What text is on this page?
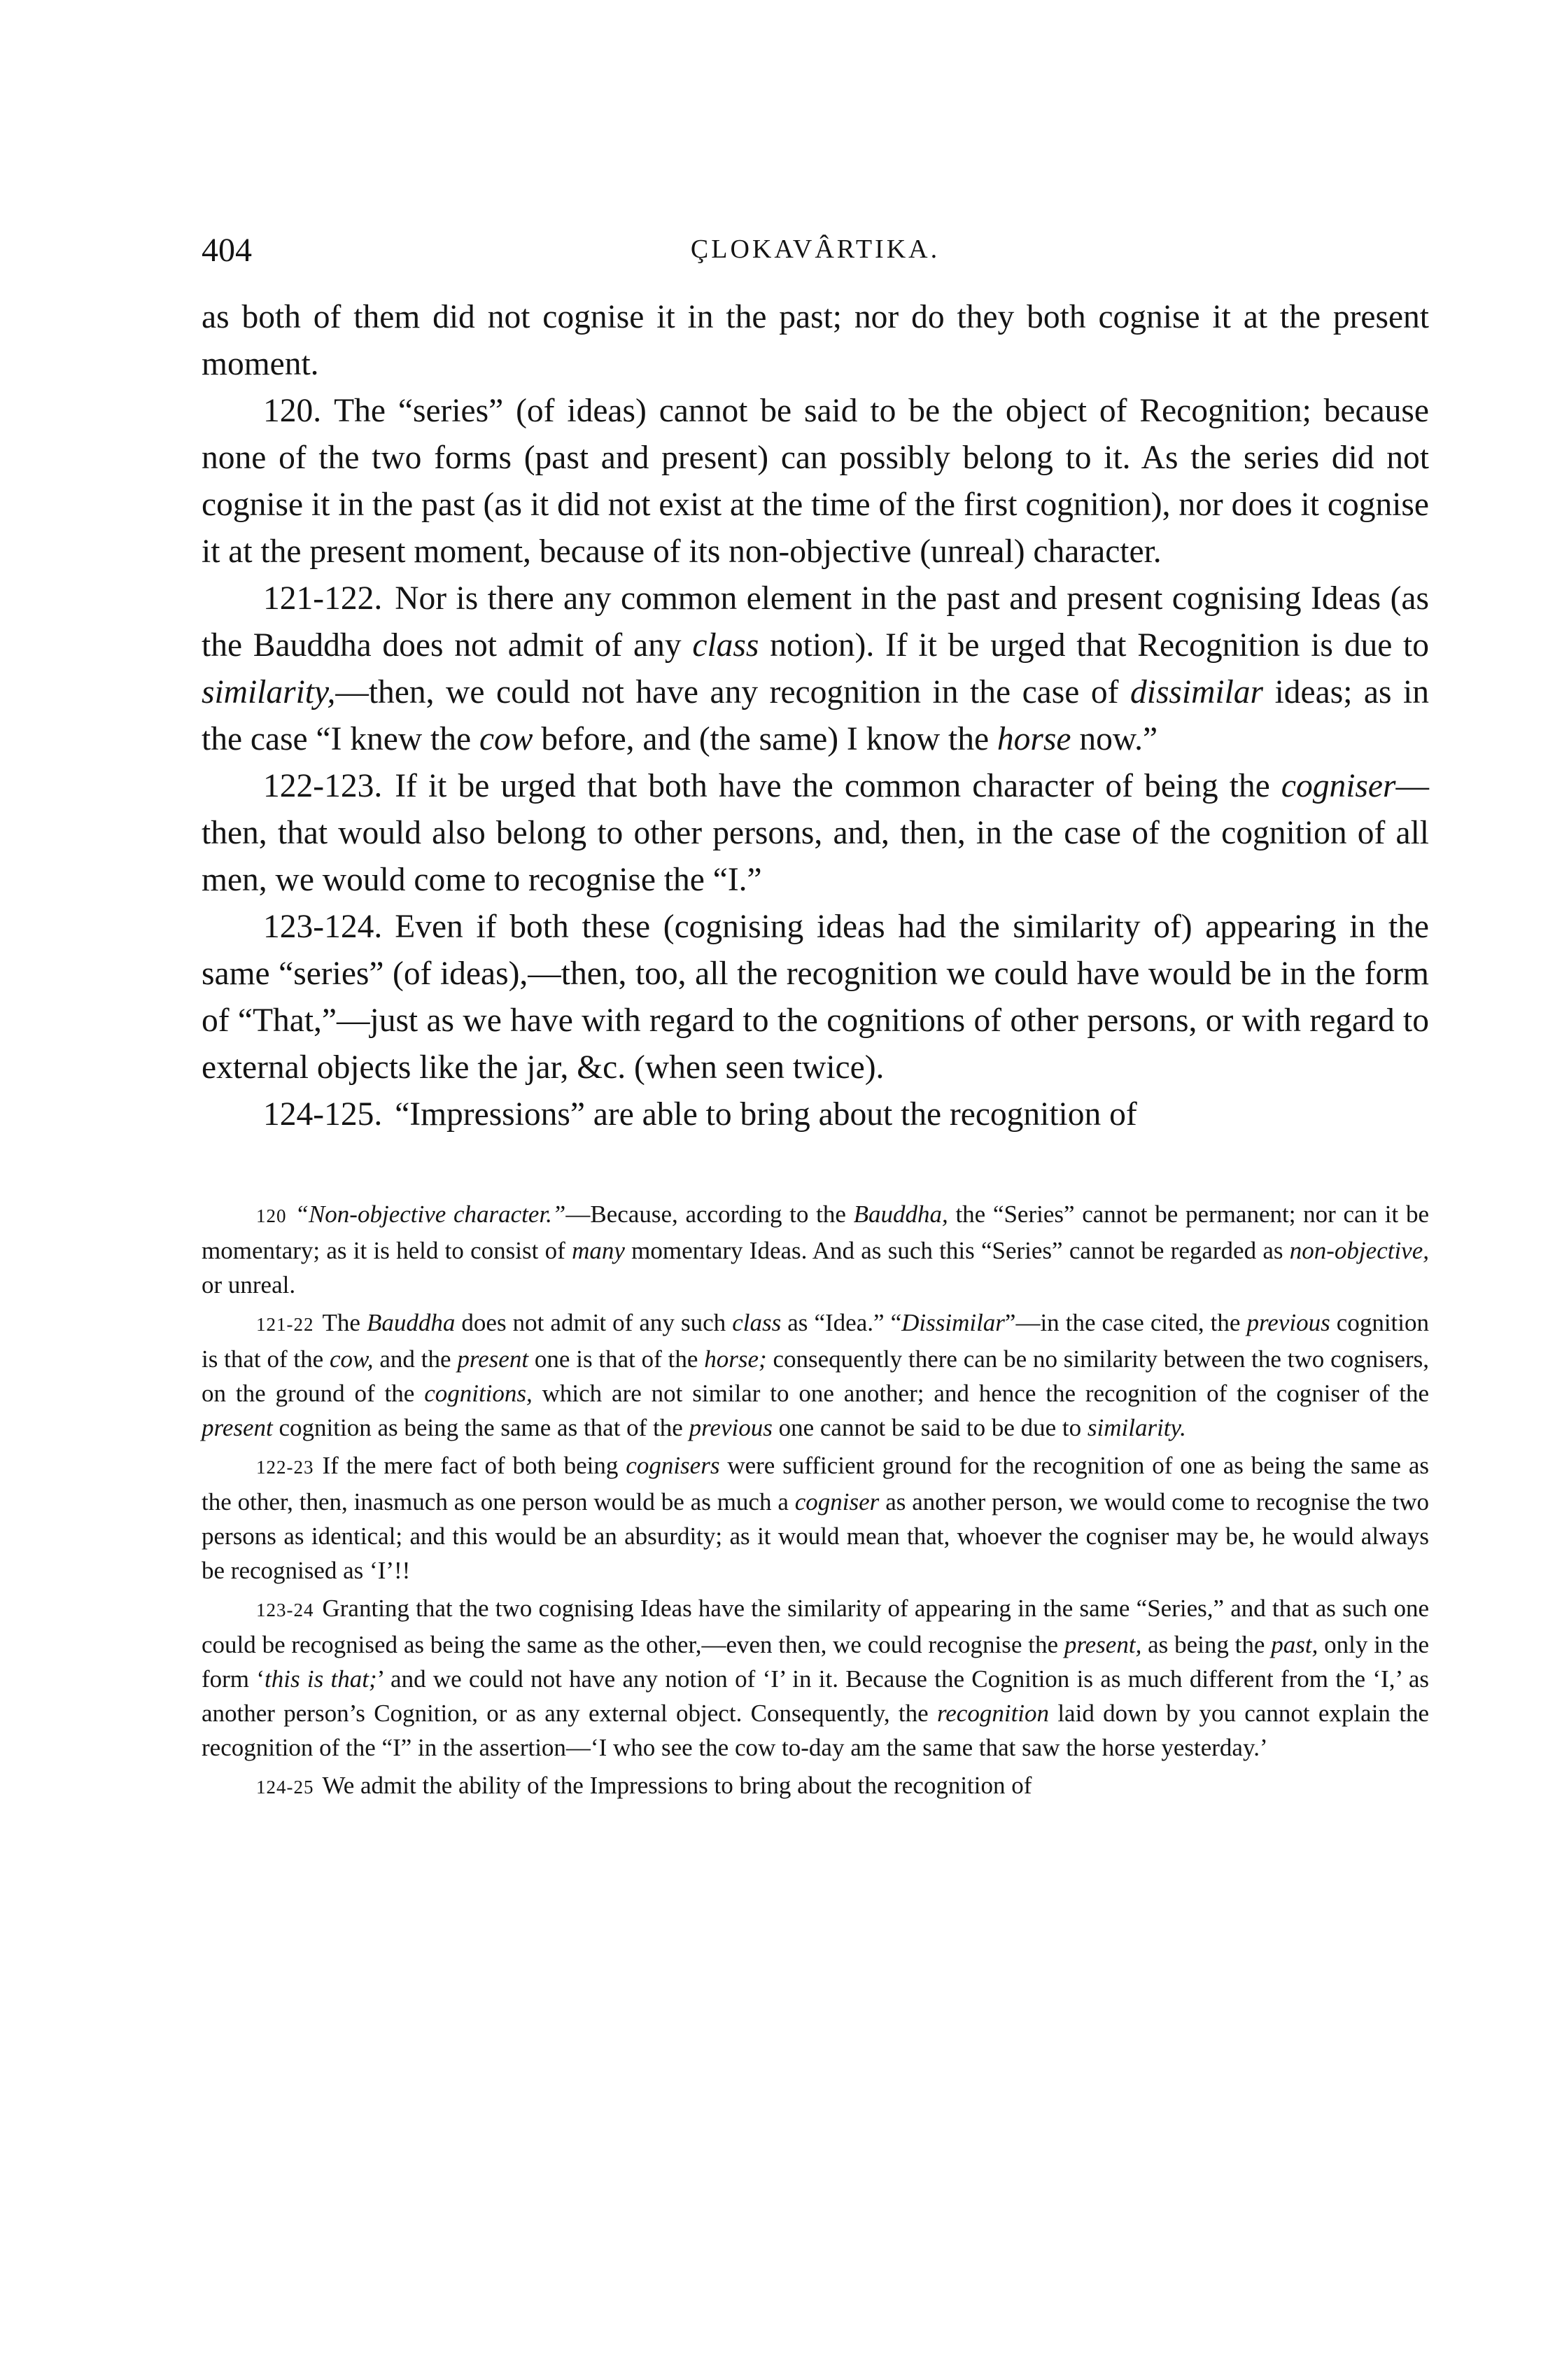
404	ÇLOKAVÂRTIKA.

as both of them did not cognise it in the past; nor do they both cognise it at the present moment.

120. The “series” (of ideas) cannot be said to be the object of Recognition; because none of the two forms (past and present) can possibly belong to it. As the series did not cognise it in the past (as it did not exist at the time of the first cognition), nor does it cognise it at the present moment, because of its non-objective (unreal) character.

121-122. Nor is there any common element in the past and present cognising Ideas (as the Bauddha does not admit of any class notion). If it be urged that Recognition is due to similarity,—then, we could not have any recognition in the case of dissimilar ideas; as in the case “I knew the cow before, and (the same) I know the horse now.”

122-123. If it be urged that both have the common character of being the cogniser—then, that would also belong to other persons, and, then, in the case of the cognition of all men, we would come to recognise the “I.”

123-124. Even if both these (cognising ideas had the similarity of) appearing in the same “series” (of ideas),—then, too, all the recognition we could have would be in the form of “That,”—just as we have with regard to the cognitions of other persons, or with regard to external objects like the jar, &c. (when seen twice).

124-125. “Impressions” are able to bring about the recognition of

120 “Non-objective character.”—Because, according to the Bauddha, the “Series” cannot be permanent; nor can it be momentary; as it is held to consist of many momentary Ideas. And as such this “Series” cannot be regarded as non-objective, or unreal.

121-22 The Bauddha does not admit of any such class as “Idea.” “Dissimilar”—in the case cited, the previous cognition is that of the cow, and the present one is that of the horse; consequently there can be no similarity between the two cognisers, on the ground of the cognitions, which are not similar to one another; and hence the recognition of the cogniser of the present cognition as being the same as that of the previous one cannot be said to be due to similarity.

122-23 If the mere fact of both being cognisers were sufficient ground for the recognition of one as being the same as the other, then, inasmuch as one person would be as much a cogniser as another person, we would come to recognise the two persons as identical; and this would be an absurdity; as it would mean that, whoever the cogniser may be, he would always be recognised as ‘I’!!

123-24 Granting that the two cognising Ideas have the similarity of appearing in the same “Series,” and that as such one could be recognised as being the same as the other,—even then, we could recognise the present, as being the past, only in the form ‘this is that;’ and we could not have any notion of ‘I’ in it. Because the Cognition is as much different from the ‘I,’ as another person’s Cognition, or as any external object. Consequently, the recognition laid down by you cannot explain the recognition of the “I” in the assertion—‘I who see the cow to-day am the same that saw the horse yesterday.’

124-25 We admit the ability of the Impressions to bring about the recognition of
